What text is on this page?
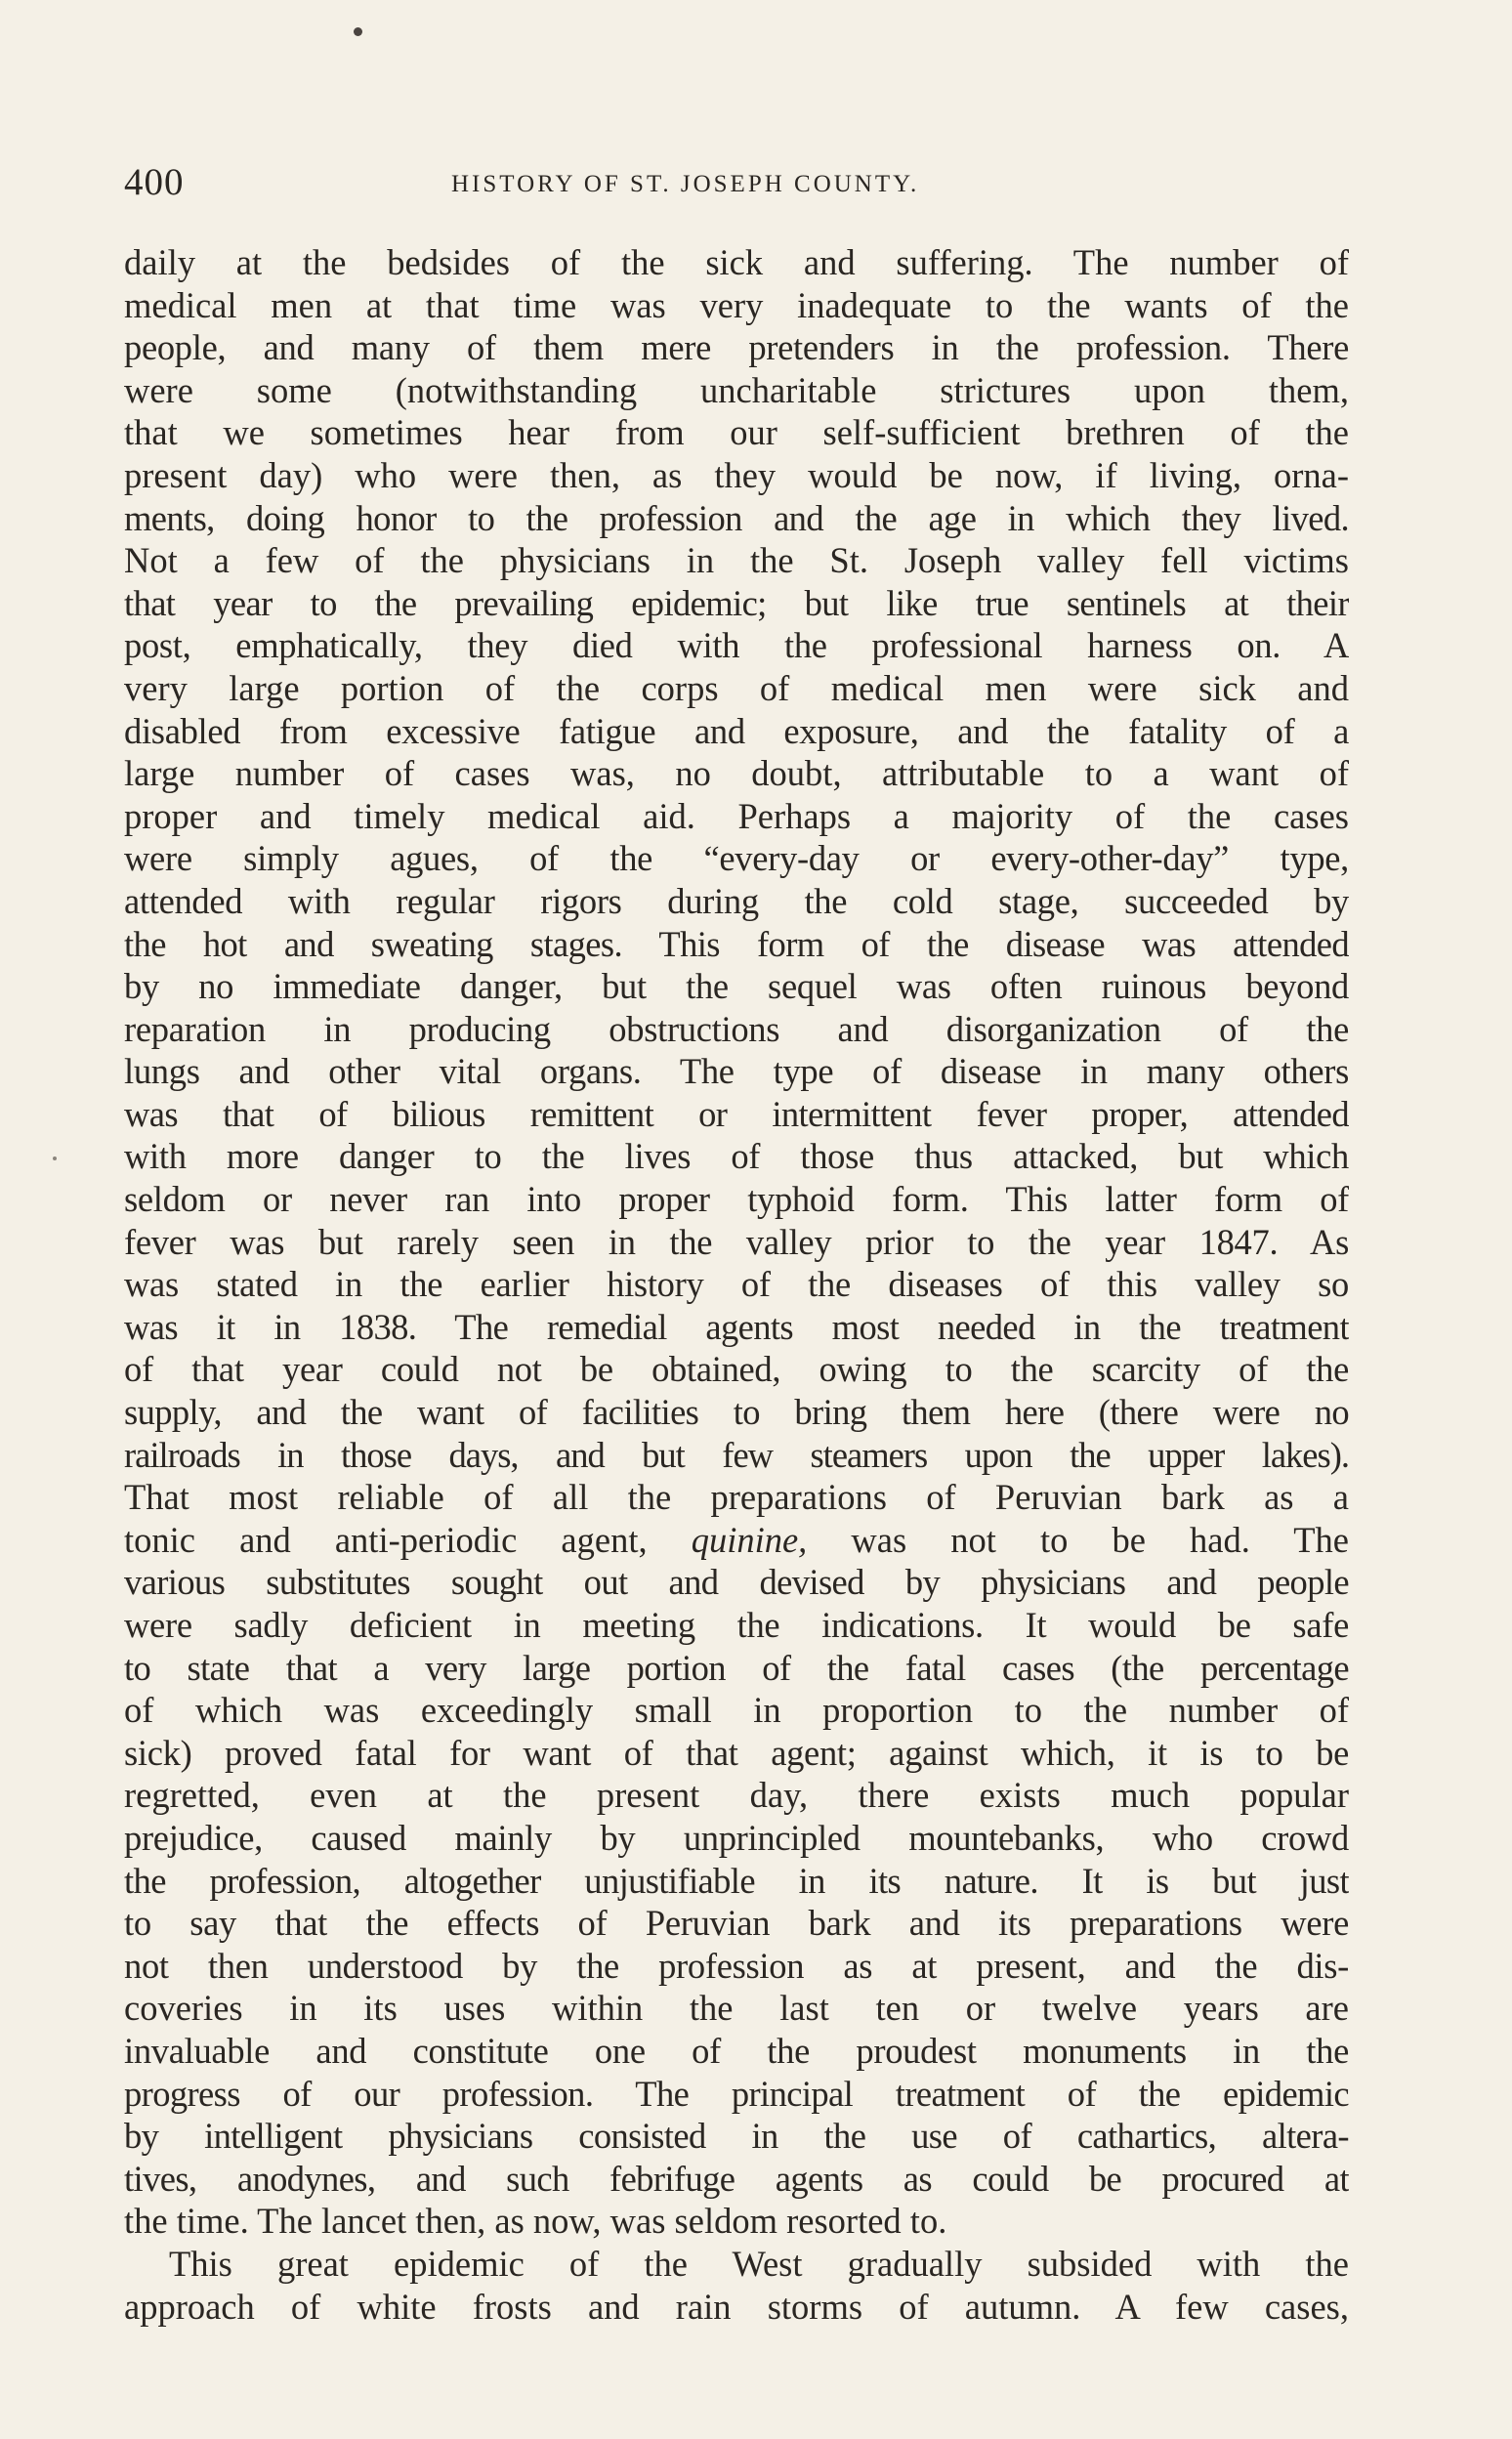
400	HISTORY OF ST. JOSEPH COUNTY.
daily at the bedsides of the sick and suffering. The number of
medical men at that time was very inadequate to the wants of the
people, and many of them mere pretenders in the profession. There
were some (notwithstanding uncharitable strictures upon them,
that we sometimes hear from our self-sufficient brethren of the
present day) who were then, as they would be now, if living, orna-
ments, doing honor to the profession and the age in which they lived.
Not a few of the physicians in the St. Joseph valley fell victims
that year to the prevailing epidemic; but like true sentinels at their
post, emphatically, they died with the professional harness on. A
very large portion of the corps of medical men were sick and
disabled from excessive fatigue and exposure, and the fatality of a
large number of cases was, no doubt, attributable to a want of
proper and timely medical aid. Perhaps a majority of the cases
were simply agues, of the “every-day or every-other-day” type,
attended with regular rigors during the cold stage, succeeded by
the hot and sweating stages. This form of the disease was attended
by no immediate danger, but the sequel was often ruinous beyond
reparation in producing obstructions and disorganization of the
lungs and other vital organs. The type of disease in many others
was that of bilious remittent or intermittent fever proper, attended
with more danger to the lives of those thus attacked, but which
seldom or never ran into proper typhoid form. This latter form of
fever was but rarely seen in the valley prior to the year 1847. As
was stated in the earlier history of the diseases of this valley so
was it in 1838. The remedial agents most needed in the treatment
of that year could not be obtained, owing to the scarcity of the
supply, and the want of facilities to bring them here (there were no
railroads in those days, and but few steamers upon the upper lakes).
That most reliable of all the preparations of Peruvian bark as a
tonic and anti-periodic agent, quinine, was not to be had. The
various substitutes sought out and devised by physicians and people
were sadly deficient in meeting the indications. It would be safe
to state that a very large portion of the fatal cases (the percentage
of which was exceedingly small in proportion to the number of
sick) proved fatal for want of that agent; against which, it is to be
regretted, even at the present day, there exists much popular
prejudice, caused mainly by unprincipled mountebanks, who crowd
the profession, altogether unjustifiable in its nature. It is but just
to say that the effects of Peruvian bark and its preparations were
not then understood by the profession as at present, and the dis-
coveries in its uses within the last ten or twelve years are
invaluable and constitute one of the proudest monuments in the
progress of our profession. The principal treatment of the epidemic
by intelligent physicians consisted in the use of cathartics, altera-
tives, anodynes, and such febrifuge agents as could be procured at
the time. The lancet then, as now, was seldom resorted to.
This great epidemic of the West gradually subsided with the
approach of white frosts and rain storms of autumn. A few cases,
